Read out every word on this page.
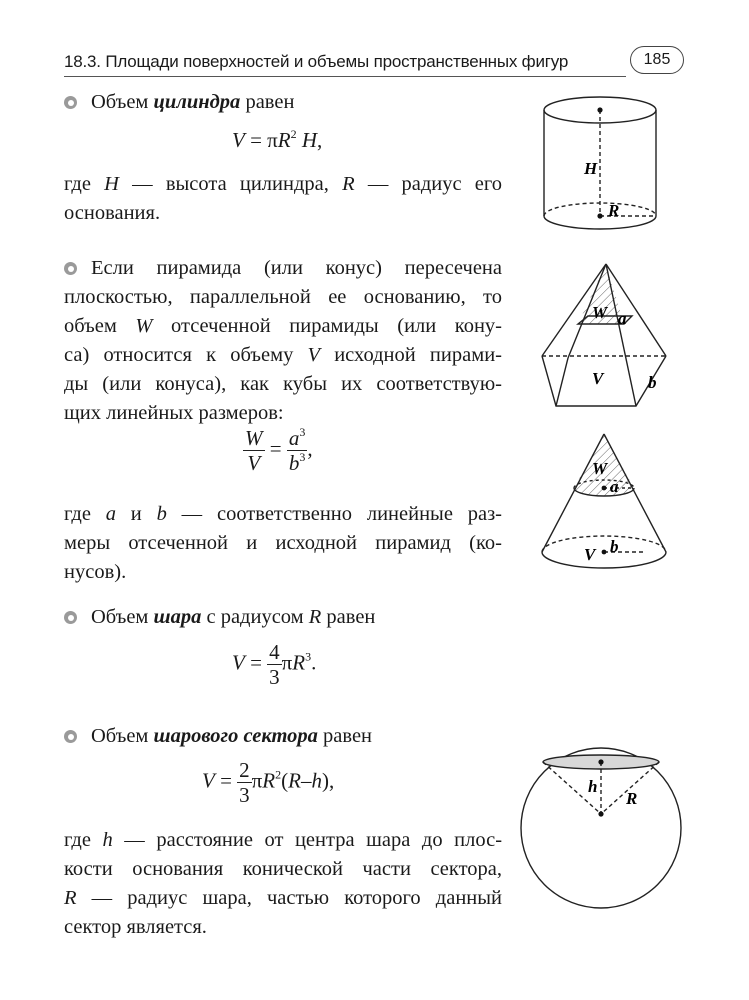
18.3. Площади поверхностей и объемы пространственных фигур	185

Объем цилиндра равен

$V = \pi R^2$ H,

где H — высота цилиндра, R — радиус его основания.

H
R

Если пирамида (или конус) пересечена

плоскостью, параллельной ее основанию, то

объем W отсеченной пирамиды (или кону-

са) относится к объему V исходной пирами-

ды (или конуса), как кубы их соответствую-

щих линейных размеров:

$\frac{W}{V} = \frac{a^3}{b^3}$ ,

где a и b — соответственно линейные раз-

меры отсеченной и исходной пирамид (ко-

нусов).

W a
V	b
W
a
V b

Объем шара с радиусом R равен

$V = \frac{4}{3} \pi R^3$.

Объем шарового сектора равен

$V = \frac{2}{3} \pi R^2(R-h)$,

где h — расстояние от центра шара до плос-

кости основания конической части сектора,

R — радиус шара, частью которого данный

сектор является.

h
R
